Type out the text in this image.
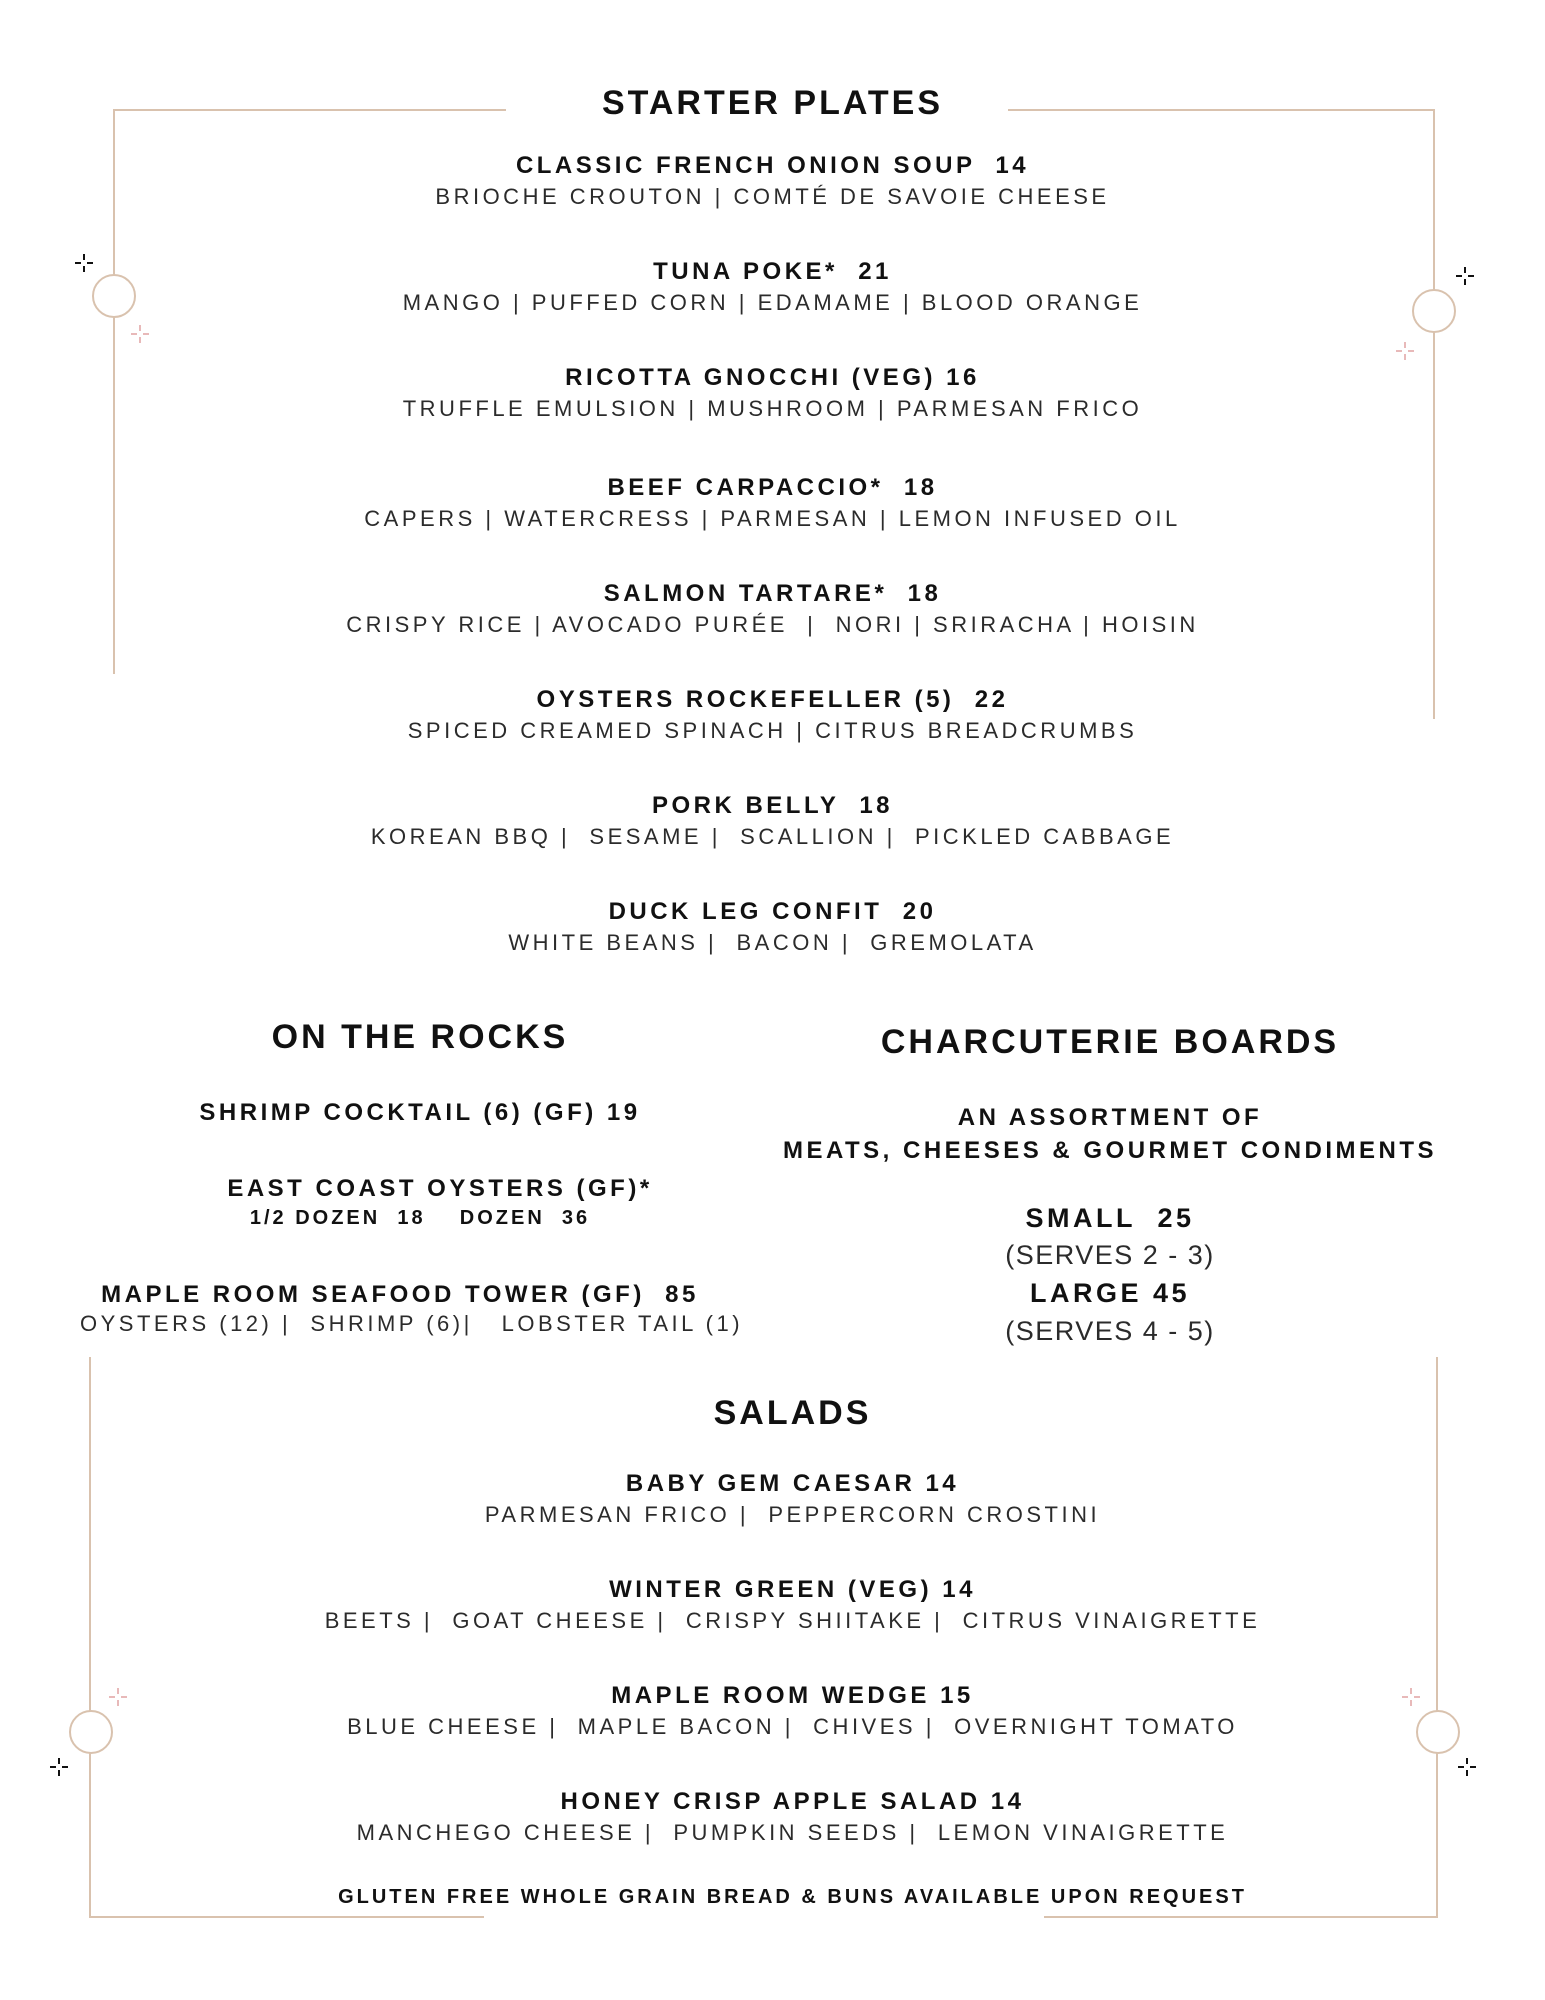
STARTER PLATES
CLASSIC FRENCH ONION SOUP  14
BRIOCHE CROUTON | COMTÉ DE SAVOIE CHEESE
TUNA POKE*  21
MANGO | PUFFED CORN | EDAMAME | BLOOD ORANGE
RICOTTA GNOCCHI (VEG) 16
TRUFFLE EMULSION | MUSHROOM | PARMESAN FRICO
BEEF CARPACCIO*  18
CAPERS | WATERCRESS | PARMESAN | LEMON INFUSED OIL
SALMON TARTARE*  18
CRISPY RICE | AVOCADO PURÉE  |  NORI | SRIRACHA | HOISIN
OYSTERS ROCKEFELLER (5)  22
SPICED CREAMED SPINACH | CITRUS BREADCRUMBS
PORK BELLY  18
KOREAN BBQ |  SESAME |  SCALLION |  PICKLED CABBAGE
DUCK LEG CONFIT  20
WHITE BEANS |  BACON |  GREMOLATA
ON THE ROCKS
SHRIMP COCKTAIL (6) (GF) 19
EAST COAST OYSTERS (GF)*
1/2 DOZEN  18    DOZEN  36
MAPLE ROOM SEAFOOD TOWER (GF)  85
OYSTERS (12) |  SHRIMP (6)|   LOBSTER TAIL (1)
CHARCUTERIE BOARDS
AN ASSORTMENT OF
MEATS, CHEESES & GOURMET CONDIMENTS
SMALL  25
(SERVES 2 - 3)
LARGE 45
(SERVES 4 - 5)
SALADS
BABY GEM CAESAR 14
PARMESAN FRICO |  PEPPERCORN CROSTINI
WINTER GREEN (VEG) 14
BEETS |  GOAT CHEESE |  CRISPY SHIITAKE |  CITRUS VINAIGRETTE
MAPLE ROOM WEDGE 15
BLUE CHEESE |  MAPLE BACON |  CHIVES |  OVERNIGHT TOMATO
HONEY CRISP APPLE SALAD 14
MANCHEGO CHEESE |  PUMPKIN SEEDS |  LEMON VINAIGRETTE
GLUTEN FREE WHOLE GRAIN BREAD & BUNS AVAILABLE UPON REQUEST
